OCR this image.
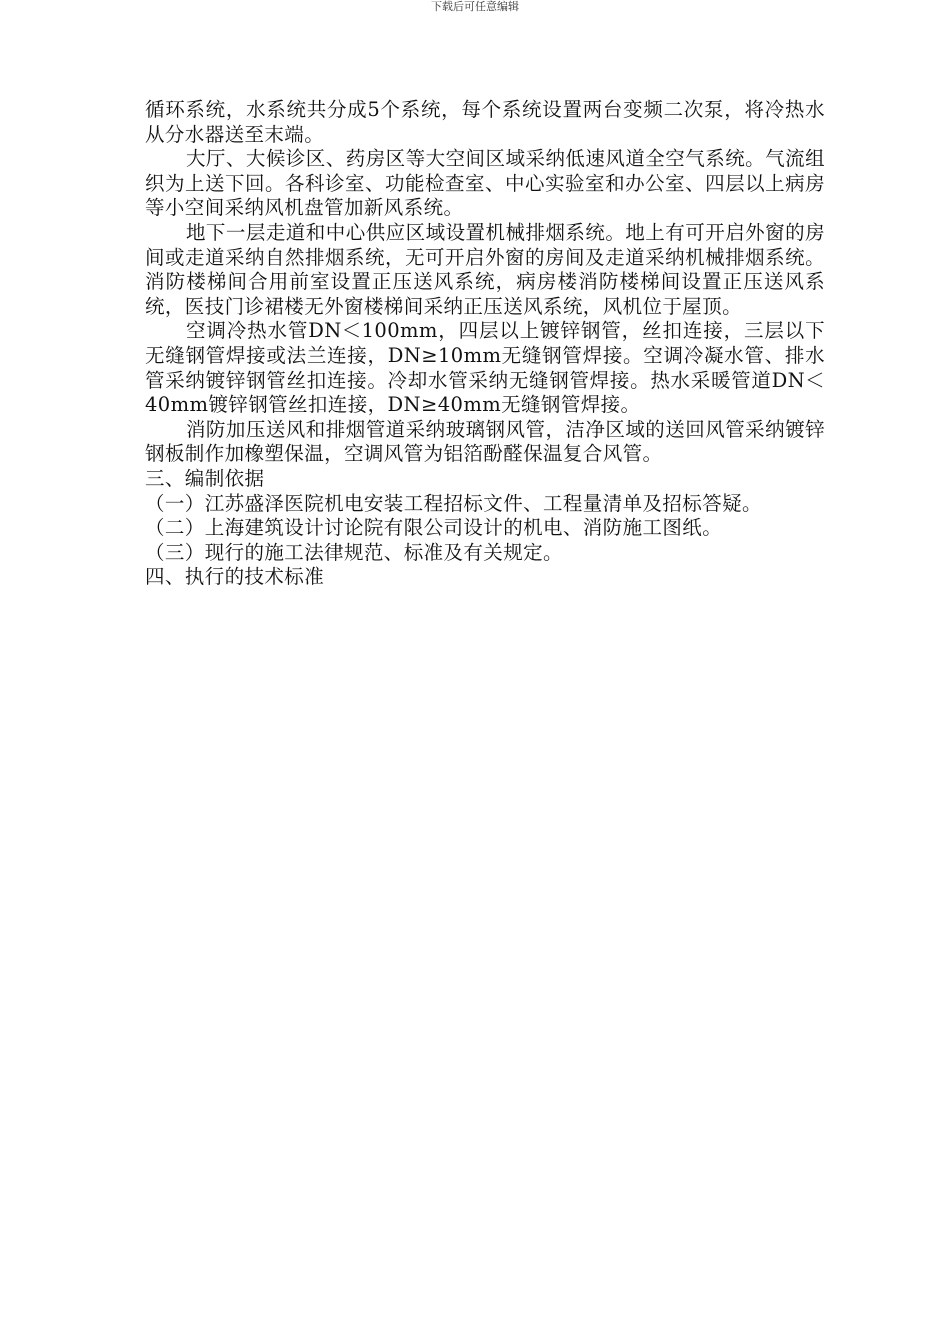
下载后可任意编辑

循环系统，水系统共分成5个系统，每个系统设置两台变频二次泵，将冷热水从分水器送至末端。

大厅、大候诊区、药房区等大空间区域采纳低速风道全空气系统。气流组织为上送下回。各科诊室、功能检查室、中心实验室和办公室、四层以上病房等小空间采纳风机盘管加新风系统。

地下一层走道和中心供应区域设置机械排烟系统。地上有可开启外窗的房间或走道采纳自然排烟系统，无可开启外窗的房间及走道采纳机械排烟系统。消防楼梯间合用前室设置正压送风系统，病房楼消防楼梯间设置正压送风系统，医技门诊裙楼无外窗楼梯间采纳正压送风系统，风机位于屋顶。

空调冷热水管DN＜100mm，四层以上镀锌钢管，丝扣连接，三层以下无缝钢管焊接或法兰连接，DN≥10mm无缝钢管焊接。空调冷凝水管、排水管采纳镀锌钢管丝扣连接。冷却水管采纳无缝钢管焊接。热水采暖管道DN＜40mm镀锌钢管丝扣连接，DN≥40mm无缝钢管焊接。

消防加压送风和排烟管道采纳玻璃钢风管，洁净区域的送回风管采纳镀锌钢板制作加橡塑保温，空调风管为铝箔酚醛保温复合风管。

三、编制依据

（一）江苏盛泽医院机电安装工程招标文件、工程量清单及招标答疑。

（二）上海建筑设计讨论院有限公司设计的机电、消防施工图纸。

（三）现行的施工法律规范、标准及有关规定。

四、执行的技术标准
